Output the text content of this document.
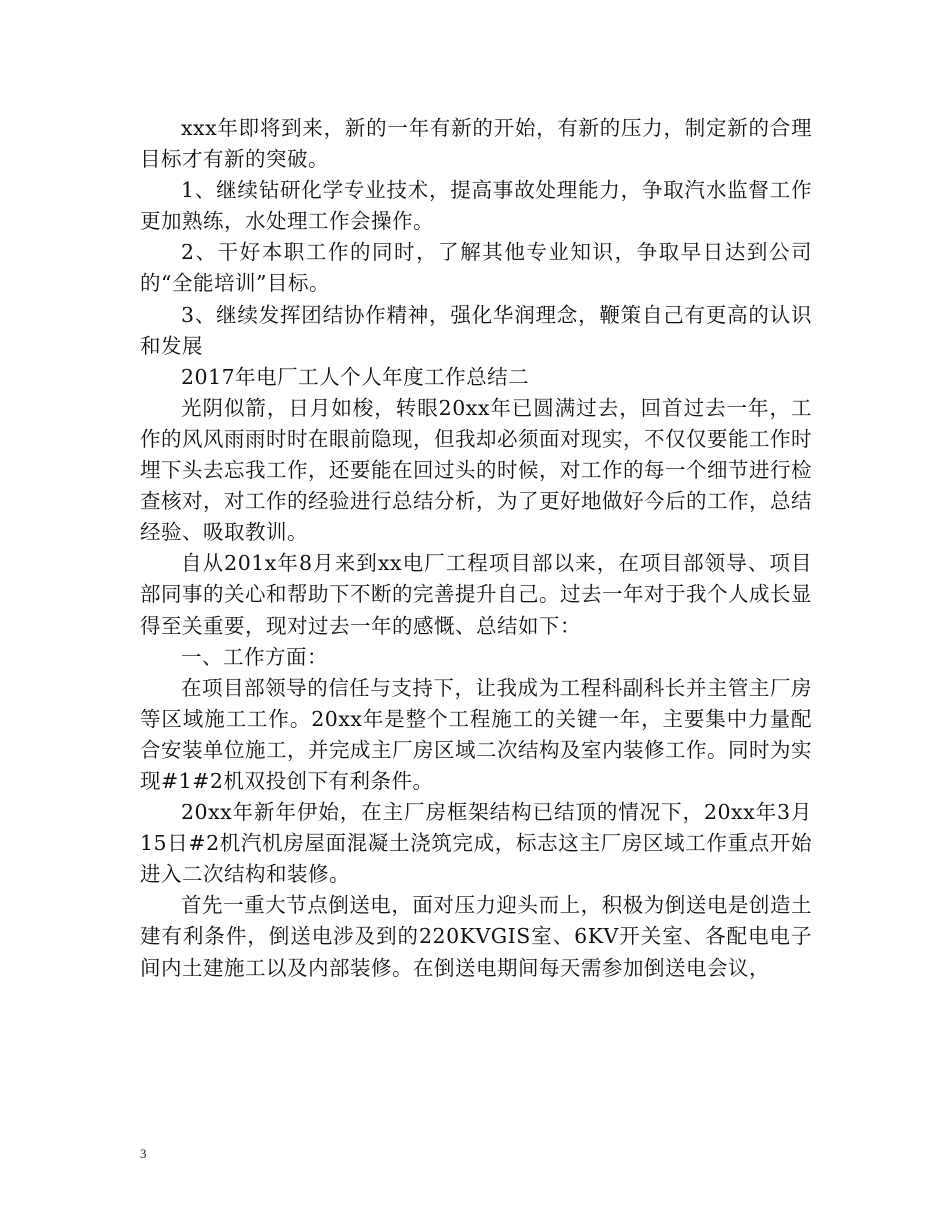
xxx年即将到来，新的一年有新的开始，有新的压力，制定新的合理目标才有新的突破。

1、继续钻研化学专业技术，提高事故处理能力，争取汽水监督工作更加熟练，水处理工作会操作。

2、干好本职工作的同时，了解其他专业知识，争取早日达到公司的“全能培训”目标。

3、继续发挥团结协作精神，强化华润理念，鞭策自己有更高的认识和发展

2017年电厂工人个人年度工作总结二

光阴似箭，日月如梭，转眼20xx年已圆满过去，回首过去一年，工作的风风雨雨时时在眼前隐现，但我却必须面对现实，不仅仅要能工作时埋下头去忘我工作，还要能在回过头的时候，对工作的每一个细节进行检查核对，对工作的经验进行总结分析，为了更好地做好今后的工作，总结经验、吸取教训。

自从201x年8月来到xx电厂工程项目部以来，在项目部领导、项目部同事的关心和帮助下不断的完善提升自己。过去一年对于我个人成长显得至关重要，现对过去一年的感慨、总结如下：

一、工作方面：

在项目部领导的信任与支持下，让我成为工程科副科长并主管主厂房等区域施工工作。20xx年是整个工程施工的关键一年，主要集中力量配合安装单位施工，并完成主厂房区域二次结构及室内装修工作。同时为实现#1#2机双投创下有利条件。

20xx年新年伊始，在主厂房框架结构已结顶的情况下，20xx年3月15日#2机汽机房屋面混凝土浇筑完成，标志这主厂房区域工作重点开始进入二次结构和装修。

首先一重大节点倒送电，面对压力迎头而上，积极为倒送电是创造土建有利条件，倒送电涉及到的220KVGIS室、6KV开关室、各配电电子间内土建施工以及内部装修。在倒送电期间每天需参加倒送电会议，

3
